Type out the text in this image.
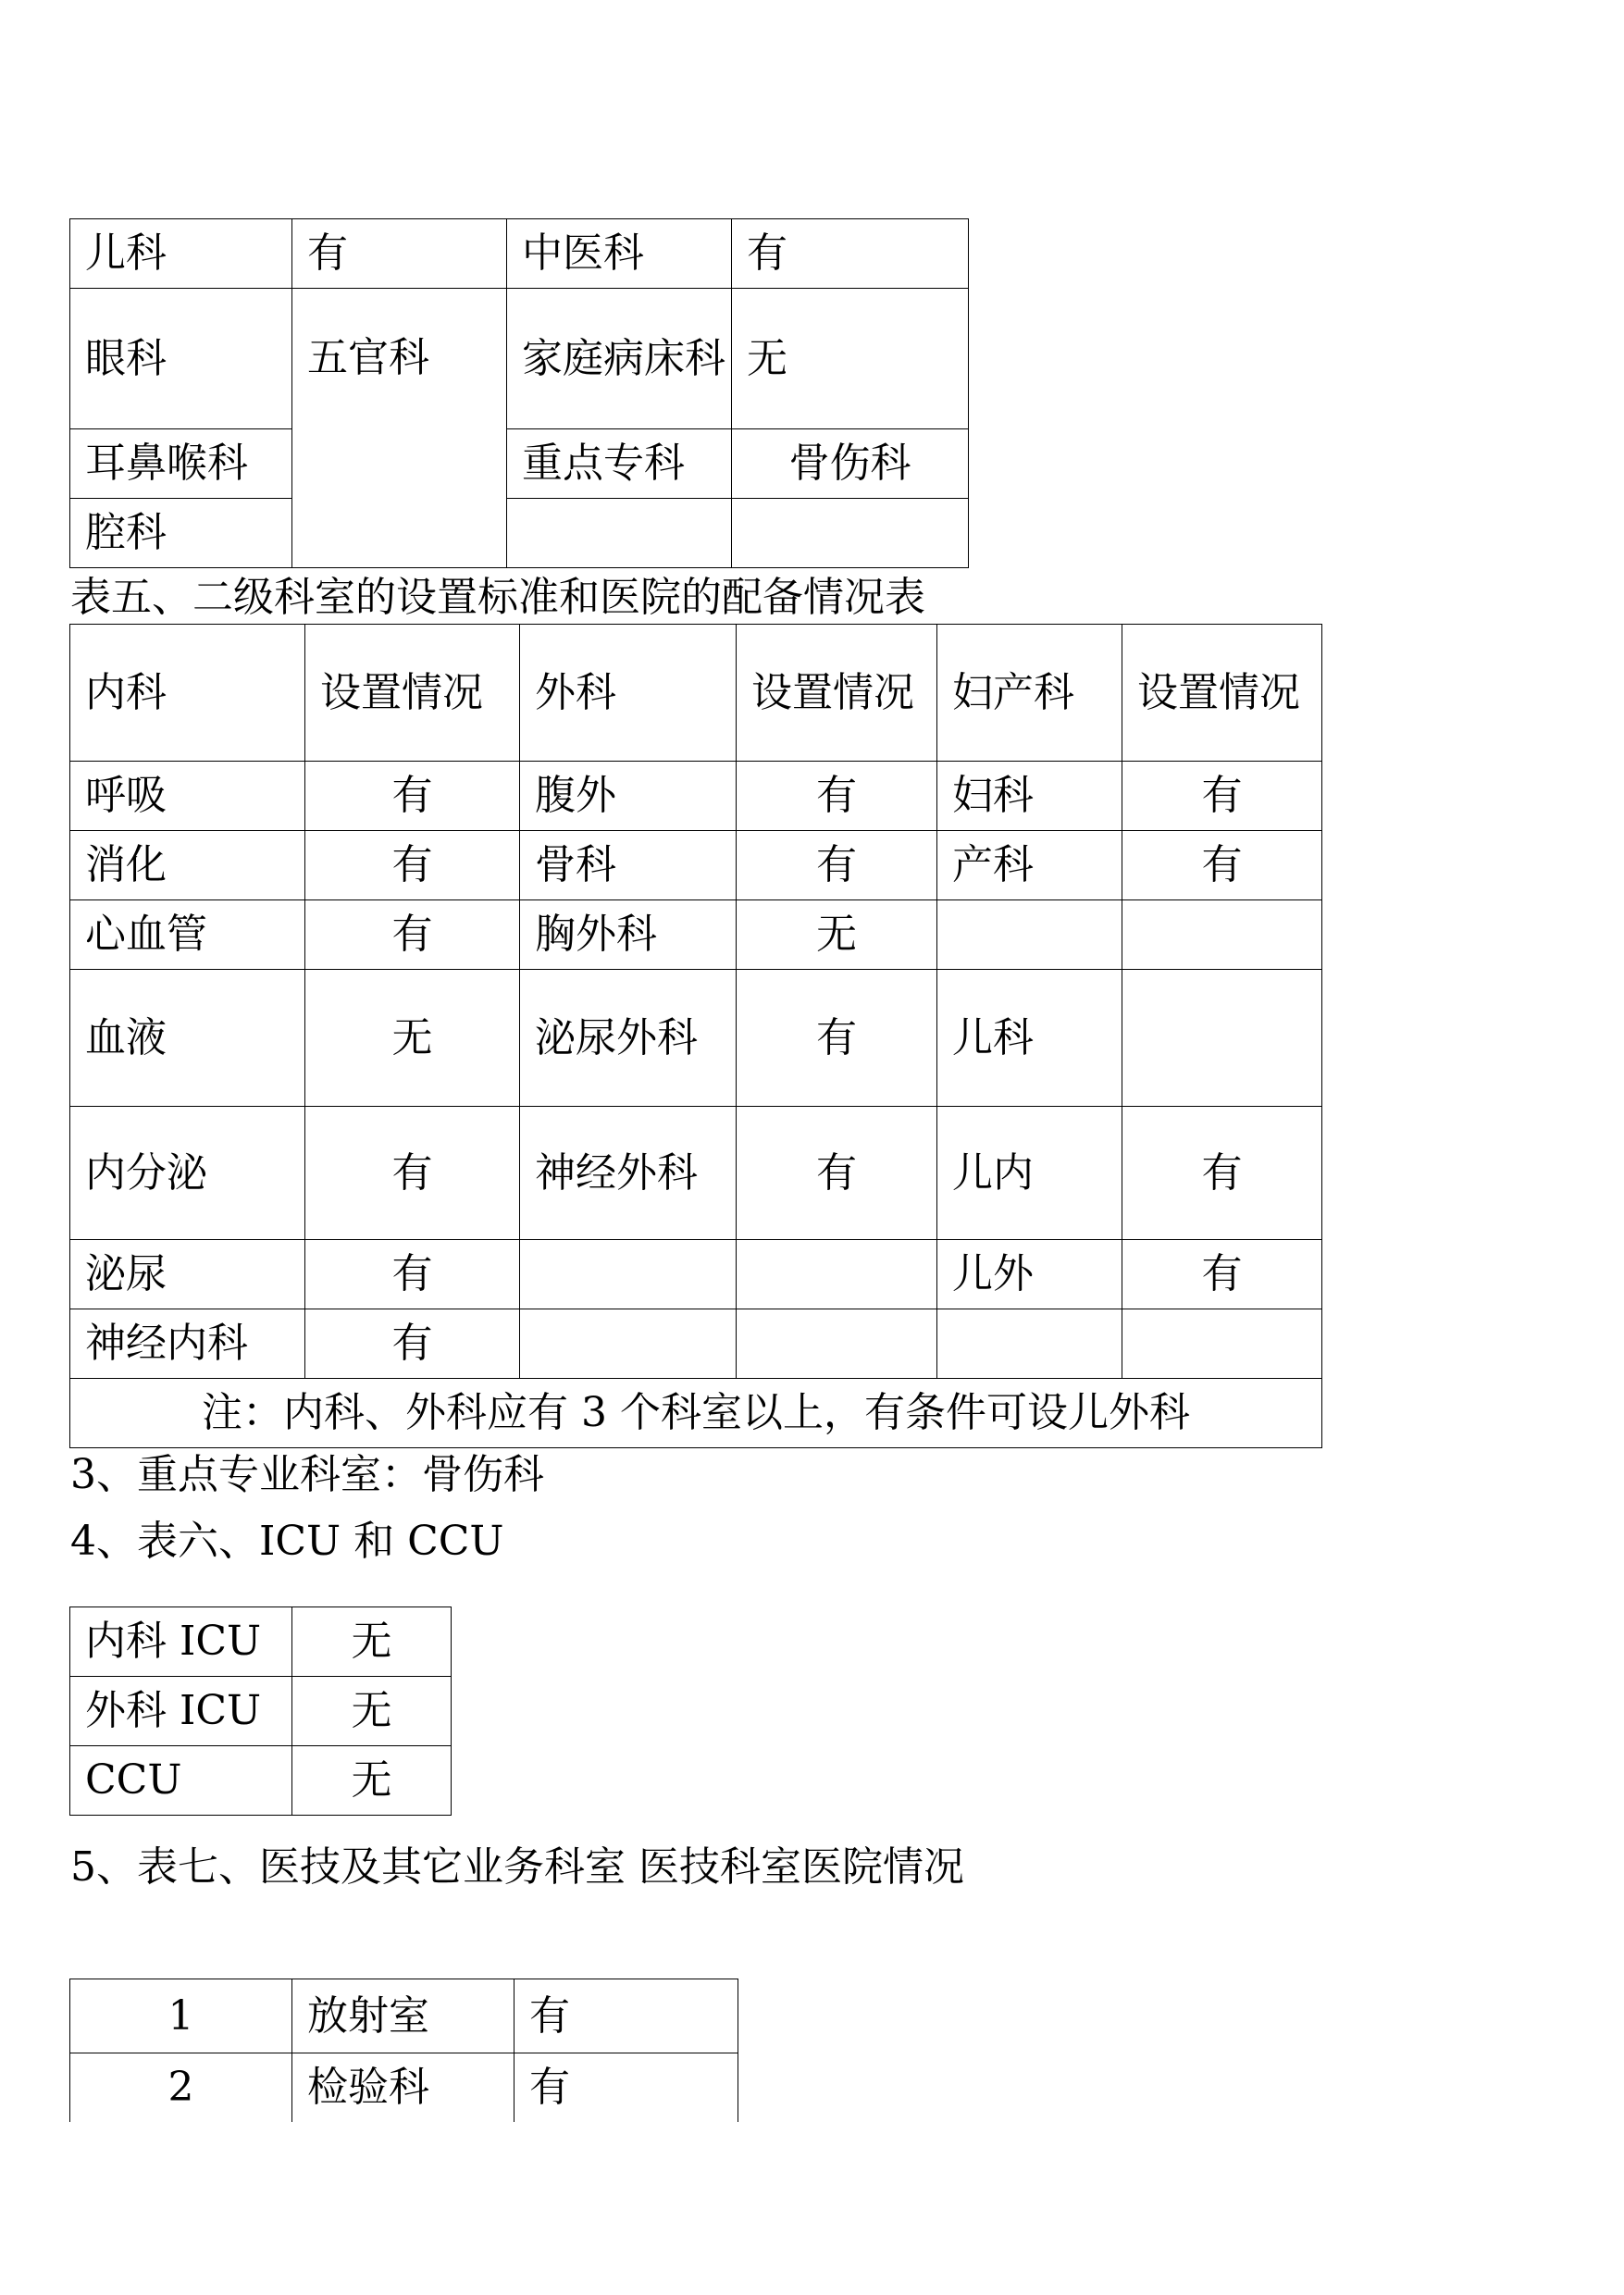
儿科	有	中医科	有
眼科	五官科	家庭病床科	无
耳鼻喉科		重点专科	骨伤科
腔科			
表五、二级科室的设置标准和医院的配备情况表
内科	设置情况	外科	设置情况	妇产科	设置情况
呼吸	有	腹外	有	妇科	有
消化	有	骨科	有	产科	有
心血管	有	胸外科	无		
血液	无	泌尿外科	有	儿科	
内分泌	有	神经外科	有	儿内	有
泌尿	有			儿外	有
神经内科	有				
注：内科、外科应有 3 个科室以上，有条件可设儿外科					
3、重点专业科室：骨伤科
4、表六、ICU 和 CCU
内科 ICU	无
外科 ICU	无
CCU	无
5、表七、医技及其它业务科室 医技科室医院情况
1	放射室	有
2	检验科	有
